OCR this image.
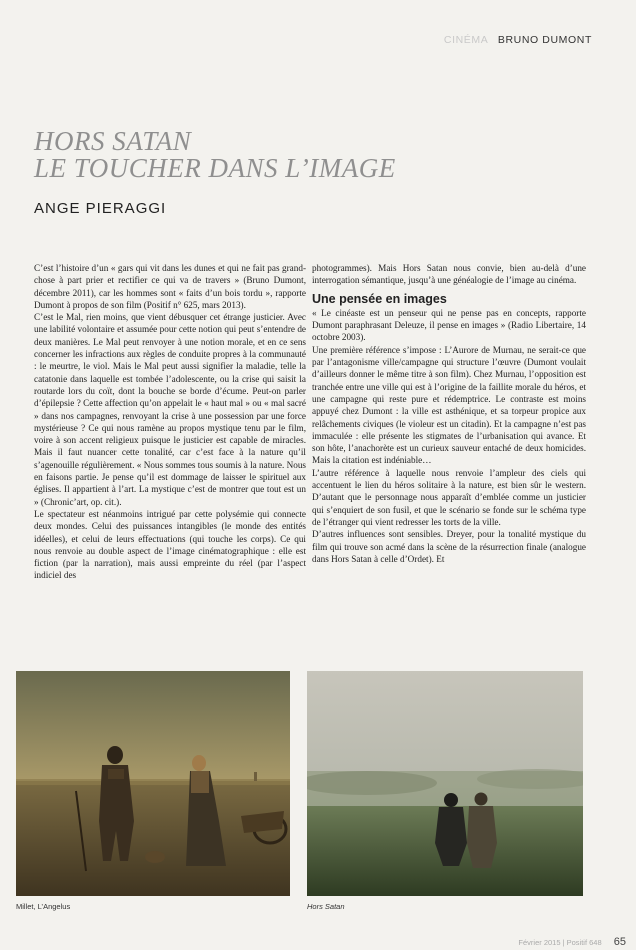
CINÉMA BRUNO DUMONT
HORS SATAN
LE TOUCHER DANS L’IMAGE
ANGE PIERAGGI

C’est l’histoire d’un « gars qui vit dans les dunes et qui ne fait pas grand-chose à part prier et rectifier ce qui va de travers » (Bruno Dumont, décembre 2011), car les hommes sont « faits d’un bois tordu », rapporte Dumont à propos de son film (Positif n° 625, mars 2013).

C’est le Mal, rien moins, que vient débusquer cet étrange justicier. Avec une labilité volontaire et assumée pour cette notion qui peut s’entendre de deux manières. Le Mal peut renvoyer à une notion morale, et en ce sens concerner les infractions aux règles de conduite propres à la communauté : le meurtre, le viol. Mais le Mal peut aussi signifier la maladie, telle la catatonie dans laquelle est tombée l’adolescente, ou la crise qui saisit la routarde lors du coït, dont la bouche se borde d’écume. Peut-on parler d’épilepsie ? Cette affection qu’on appelait le « haut mal » ou « mal sacré » dans nos campagnes, renvoyant la crise à une possession par une force mystérieuse ? Ce qui nous ramène au propos mystique tenu par le film, voire à son accent religieux puisque le justicier est capable de miracles. Mais il faut nuancer cette tonalité, car c’est face à la nature qu’il s’agenouille régulièrement. « Nous sommes tous soumis à la nature. Nous en faisons partie. Je pense qu’il est dommage de laisser le spirituel aux églises. Il appartient à l’art. La mystique c’est de montrer que tout est un » (Chronic’art, op. cit.).

Le spectateur est néanmoins intrigué par cette polysémie qui connecte deux mondes. Celui des puissances intangibles (le monde des entités idéelles), et celui de leurs effectuations (qui touche les corps). Ce qui nous renvoie au double aspect de l’image cinématographique : elle est fiction (par la narration), mais aussi empreinte du réel (par l’aspect indiciel des

photogrammes). Mais Hors Satan nous convie, bien au-delà d’une interrogation sémantique, jusqu’à une généalogie de l’image au cinéma.

Une pensée en images

« Le cinéaste est un penseur qui ne pense pas en concepts, rapporte Dumont paraphrasant Deleuze, il pense en images » (Radio Libertaire, 14 octobre 2003).

Une première référence s’impose : L’Aurore de Murnau, ne serait-ce que par l’antagonisme ville/campagne qui structure l’œuvre (Dumont voulait d’ailleurs donner le même titre à son film). Chez Murnau, l’opposition est tranchée entre une ville qui est à l’origine de la faillite morale du héros, et une campagne qui reste pure et rédemptrice. Le contraste est moins appuyé chez Dumont : la ville est asthénique, et sa torpeur propice aux relâchements civiques (le violeur est un citadin). Et la campagne n’est pas immaculée : elle présente les stigmates de l’urbanisation qui avance. Et son hôte, l’anachorète est un curieux sauveur entaché de deux homicides. Mais la citation est indéniable…

L’autre référence à laquelle nous renvoie l’ampleur des ciels qui accentuent le lien du héros solitaire à la nature, est bien sûr le western. D’autant que le personnage nous apparaît d’emblée comme un justicier qui s’enquiert de son fusil, et que le scénario se fonde sur le schéma type de l’étranger qui vient redresser les torts de la ville.

D’autres influences sont sensibles. Dreyer, pour la tonalité mystique du film qui trouve son acmé dans la scène de la résurrection finale (analogue dans Hors Satan à celle d’Ordet). Et

Millet, L’Angelus	Hors Satan
Février 2015 | Positif 648 65
